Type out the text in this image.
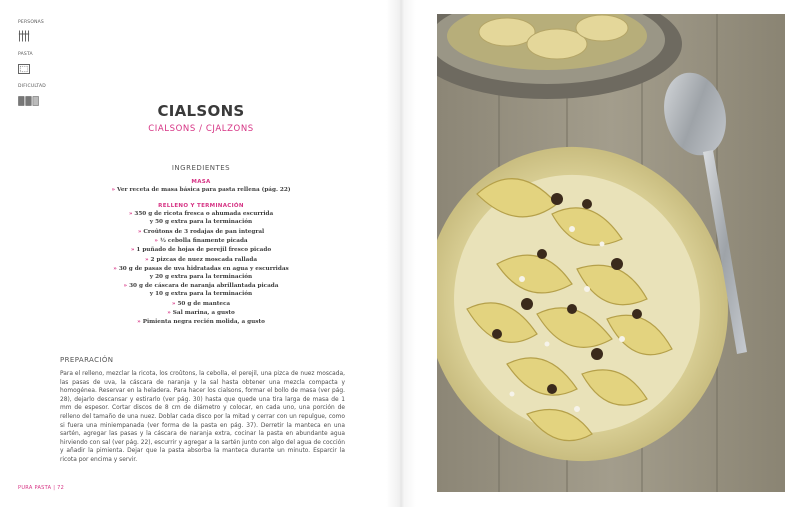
PERSONAS
PASTA
DIFICULTAD
CIALSONS
CIALSONS / CJALZONS
INGREDIENTES
MASA
» Ver receta de masa básica para pasta rellena (pág. 22)
RELLENO Y TERMINACIÓN
» 350 g de ricota fresca o ahumada escurrida
y 50 g extra para la terminación
» Croûtons de 3 rodajas de pan integral
» ½ cebolla finamente picada
» 1 puñado de hojas de perejil fresco picado
» 2 pizcas de nuez moscada rallada
» 30 g de pasas de uva hidratadas en agua y escurridas
y 20 g extra para la terminación
» 30 g de cáscara de naranja abrillantada picada
y 10 g extra para la terminación
» 50 g de manteca
» Sal marina, a gusto
» Pimienta negra recién molida, a gusto
PREPARACIÓN
Para el relleno, mezclar la ricota, los croûtons, la cebolla, el perejil, una pizca de nuez moscada, las pasas de uva, la cáscara de naranja y la sal hasta obtener una mezcla compacta y homogénea. Reservar en la heladera. Para hacer los cialsons, formar el bollo de masa (ver pág. 28), dejarlo descansar y estirarlo (ver pág. 30) hasta que quede una tira larga de masa de 1 mm de espesor. Cortar discos de 8 cm de diámetro y colocar, en cada uno, una porción de relleno del tamaño de una nuez. Doblar cada disco por la mitad y cerrar con un repulgue, como si fuera una miniempanada (ver forma de la pasta en pág. 37). Derretir la manteca en una sartén, agregar las pasas y la cáscara de naranja extra, cocinar la pasta en abundante agua hirviendo con sal (ver pág. 22), escurrir y agregar a la sartén junto con algo del agua de cocción y añadir la pimienta. Dejar que la pasta absorba la manteca durante un minuto. Esparcir la ricota por encima y servir.
PURA PASTA | 72
